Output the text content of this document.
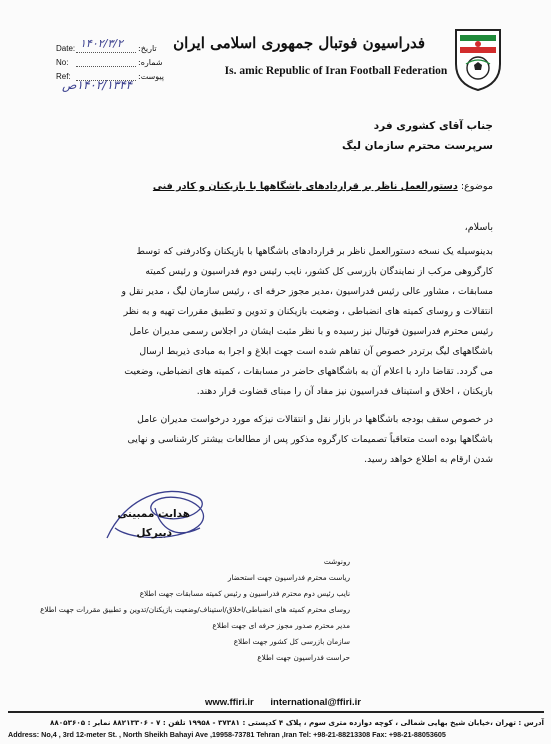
فدراسیون فوتبال جمهوری اسلامی ایران
Is. amic Republic of Iran Football Federation
Date:	تاریخ:
۱۴۰۲/۳/۲
No:	شماره:
Ref:	پیوست:
۱۴۰۲/۱۳۴۴ص
جناب آقای کشوری فرد
سرپرست محترم سازمان لیگ
موضوع: دستورالعمل ناظر بر قراردادهای باشگاهها با بازیکنان و کادر فنی
باسلام،
بدینوسیله یک نسخه دستورالعمل ناظر بر قراردادهای باشگاهها با بازیکنان وکادرفنی که توسط
کارگروهی مرکب از نمایندگان بازرسی کل کشور، نایب رئیس دوم فدراسیون و رئیس کمیته
مسابقات ، مشاور عالی رئیس فدراسیون ،مدیر مجوز حرفه ای ، رئیس سازمان لیگ ، مدیر نقل و
انتقالات و روسای کمیته های انضباطی ، وضعیت بازیکنان و تدوین و تطبیق مقررات تهیه و به نظر
رئیس محترم فدراسیون فوتبال نیز رسیده و با نظر مثبت ایشان در اجلاس رسمی مدیران عامل
باشگاههای لیگ برتردر خصوص آن تفاهم شده است جهت ابلاغ و اجرا به مبادی ذیربط ارسال
می گردد. تقاضا دارد با اعلام آن به باشگاههای حاضر در مسابقات ، کمیته های انضباطی، وضعیت
بازیکنان ، اخلاق و استیناف فدراسیون نیز مفاد آن را مبنای قضاوت قرار دهند.
در خصوص سقف بودجه باشگاهها در بازار نقل و انتقالات نیزکه مورد درخواست مدیران عامل
باشگاهها بوده است متعاقباً تصمیمات کارگروه مذکور پس از مطالعات بیشتر کارشناسی و نهایی
شدن ارقام به اطلاع خواهد رسید.
هدایت ممبینی
دبیرکل
رونوشت
ریاست محترم فدراسیون جهت استحضار
نایب رئیس دوم محترم فدراسیون و رئیس کمیته مسابقات جهت اطلاع
روسای محترم کمیته های انضباطی/اخلاق/استیناف/وضعیت بازیکنان/تدوین و تطبیق مقررات جهت اطلاع
مدیر محترم صدور مجوز حرفه ای جهت اطلاع
سازمان بازرسی کل کشور جهت اطلاع
حراست فدراسیون جهت اطلاع
www.ffiri.ir international@ffiri.ir
آدرس : تهران ،خیابان شیخ بهایی شمالی ، کوچه دوازده متری سوم ، پلاک ۴ کدپستی : ۳۷۳۸۱ - ۱۹۹۵۸ تلفن : ۷ - ۸۸۲۱۳۳۰۶ نمابر : ۸۸۰۵۳۶۰۵
Address: No,4 , 3rd 12-meter St. , North Sheikh Bahayi Ave ,19958-73781 Tehran ,Iran Tel: +98-21-88213308 Fax: +98-21-88053605
